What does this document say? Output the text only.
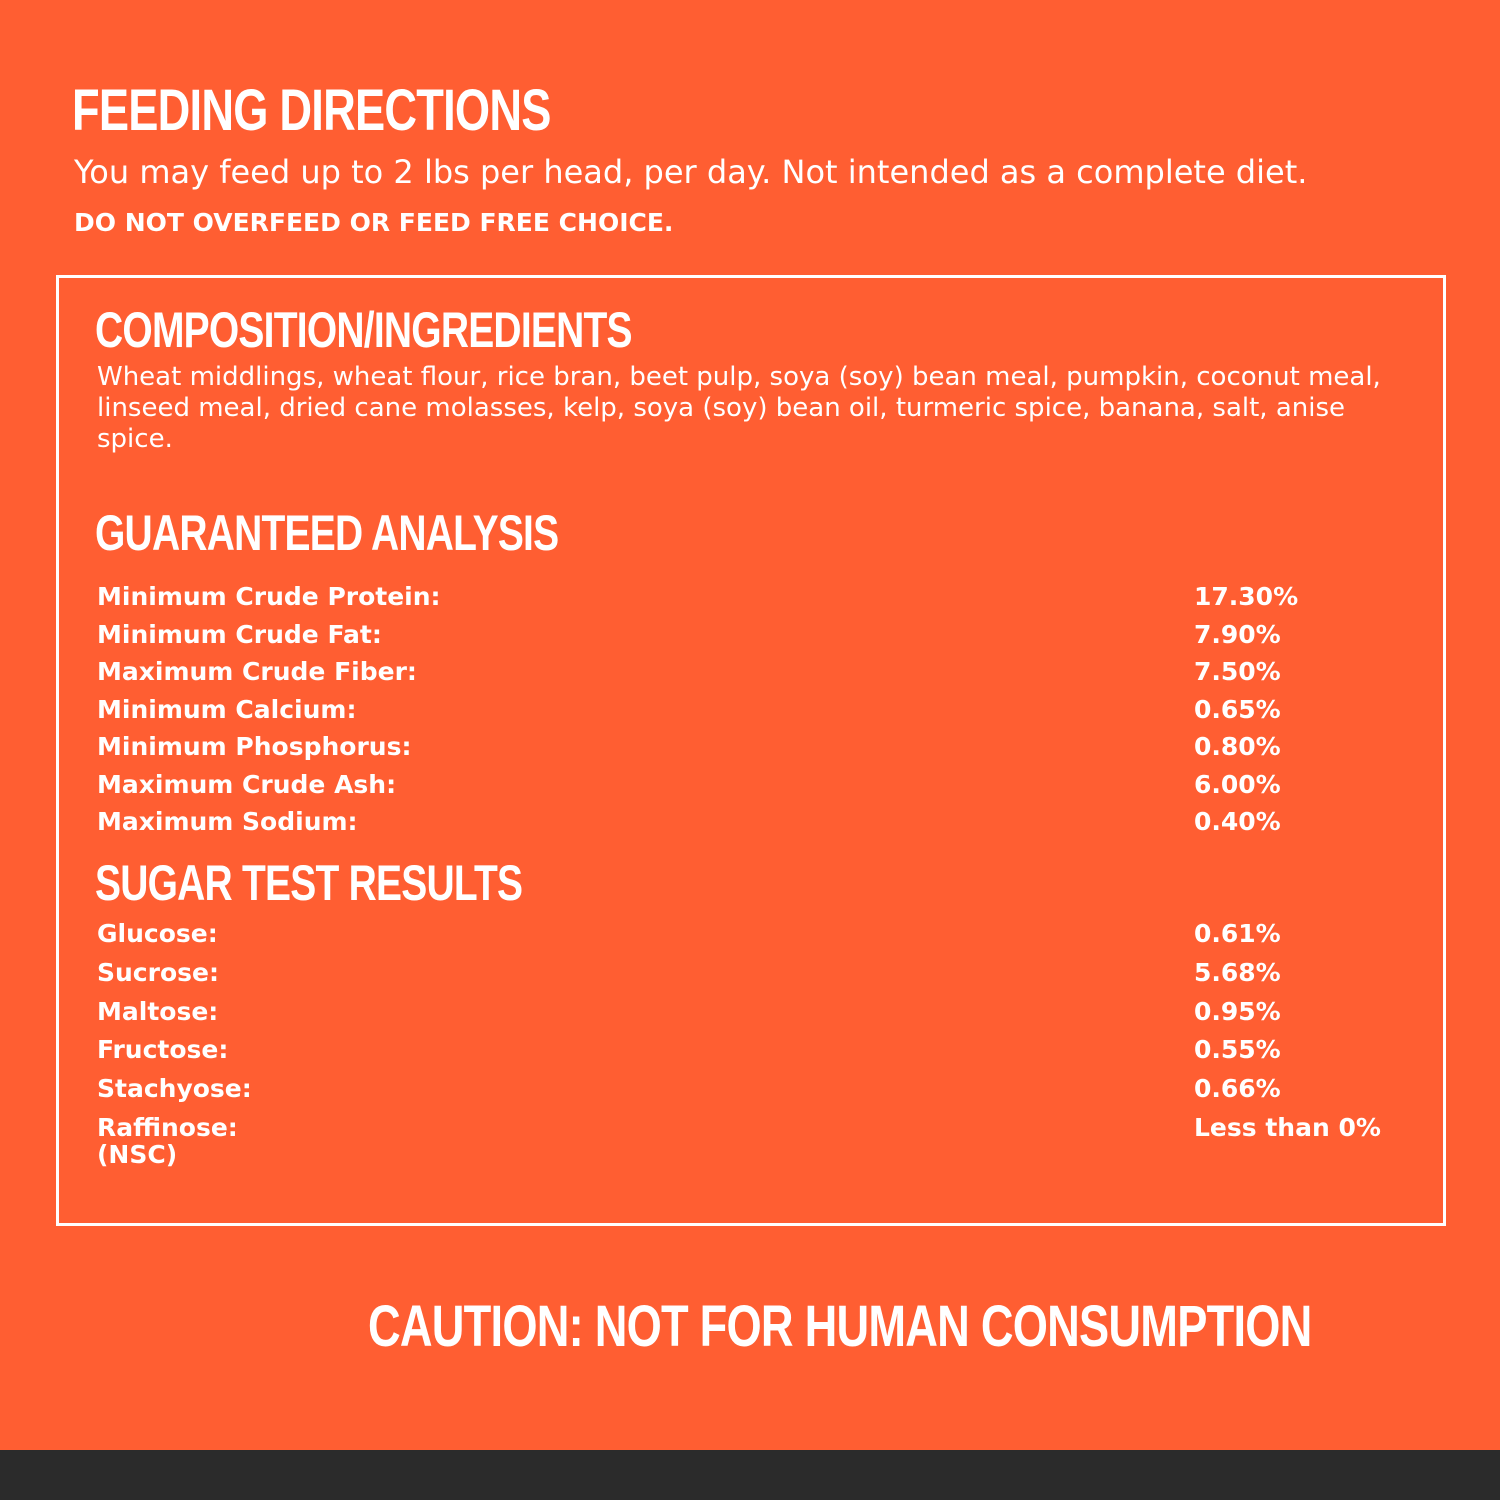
FEEDING DIRECTIONS
You may feed up to 2 lbs per head, per day. Not intended as a complete diet.
DO NOT OVERFEED OR FEED FREE CHOICE.
COMPOSITION/INGREDIENTS

Wheat middlings, wheat flour, rice bran, beet pulp, soya (soy) bean meal, pumpkin, coconut meal,

linseed meal, dried cane molasses, kelp, soya (soy) bean oil, turmeric spice, banana, salt, anise spice.

GUARANTEED ANALYSIS
Minimum Crude Protein:	17.30%
Minimum Crude Fat:	7.90%
Maximum Crude Fiber:	7.50%
Minimum Calcium:	0.65%
Minimum Phosphorus:	0.80%
Maximum Crude Ash:	6.00%
Maximum Sodium:	0.40%
SUGAR TEST RESULTS
Glucose:	0.61%
Sucrose:	5.68%
Maltose:	0.95%
Fructose:	0.55%
Stachyose:	0.66%
Raffinose:	Less than 0%
(NSC)
CAUTION: NOT FOR HUMAN CONSUMPTION
